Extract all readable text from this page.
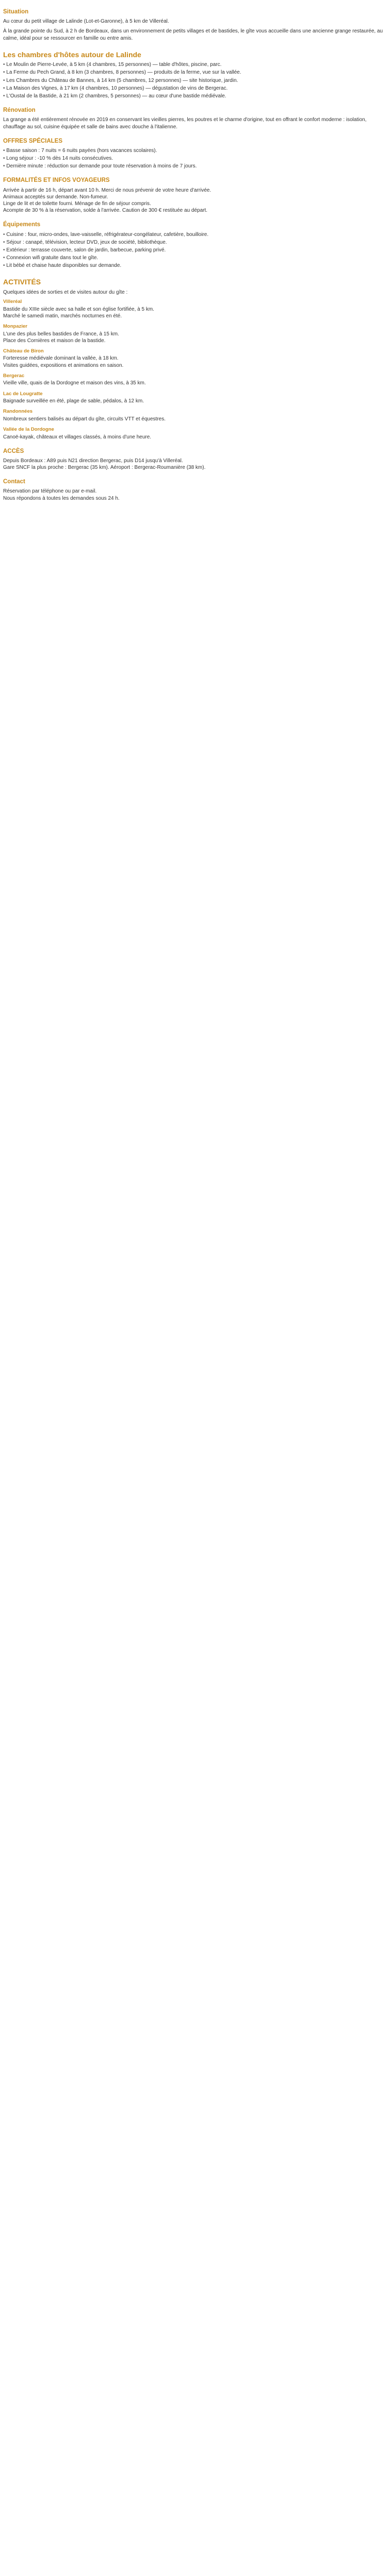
Situation

Au cœur du petit village de Lalinde (Lot-et-Garonne), à 5 km de Villeréal.

À la grande pointe du Sud, à 2 h de Bordeaux, dans un environnement de petits villages et de bastides, le gîte vous accueille dans une ancienne grange restaurée, au calme, idéal pour se ressourcer en famille ou entre amis.

Les chambres d'hôtes autour de Lalinde
• Le Moulin de Pierre-Levée, à 5 km (4 chambres, 15 personnes) — table d'hôtes, piscine, parc.
• La Ferme du Pech Grand, à 8 km (3 chambres, 8 personnes) — produits de la ferme, vue sur la vallée.
• Les Chambres du Château de Bannes, à 14 km (5 chambres, 12 personnes) — site historique, jardin.
• La Maison des Vignes, à 17 km (4 chambres, 10 personnes) — dégustation de vins de Bergerac.
• L'Oustal de la Bastide, à 21 km (2 chambres, 5 personnes) — au cœur d'une bastide médiévale.
Rénovation

La grange a été entièrement rénovée en 2019 en conservant les vieilles pierres, les poutres et le charme d'origine, tout en offrant le confort moderne : isolation, chauffage au sol, cuisine équipée et salle de bains avec douche à l'italienne.

OFFRES SPÉCIALES
• Basse saison : 7 nuits = 6 nuits payées (hors vacances scolaires).
• Long séjour : -10 % dès 14 nuits consécutives.
• Dernière minute : réduction sur demande pour toute réservation à moins de 7 jours.
FORMALITÉS ET INFOS VOYAGEURS

Arrivée à partir de 16 h, départ avant 10 h. Merci de nous prévenir de votre heure d'arrivée.

Animaux acceptés sur demande. Non-fumeur.

Linge de lit et de toilette fourni. Ménage de fin de séjour compris.

Acompte de 30 % à la réservation, solde à l'arrivée. Caution de 300 € restituée au départ.

Équipements
• Cuisine : four, micro-ondes, lave-vaisselle, réfrigérateur-congélateur, cafetière, bouilloire.
• Séjour : canapé, télévision, lecteur DVD, jeux de société, bibliothèque.
• Extérieur : terrasse couverte, salon de jardin, barbecue, parking privé.
• Connexion wifi gratuite dans tout le gîte.
• Lit bébé et chaise haute disponibles sur demande.
ACTIVITÉS

Quelques idées de sorties et de visites autour du gîte :

Villeréal

Bastide du XIIIe siècle avec sa halle et son église fortifiée, à 5 km.

Marché le samedi matin, marchés nocturnes en été.

Monpazier

L'une des plus belles bastides de France, à 15 km.

Place des Cornières et maison de la bastide.

Château de Biron

Forteresse médiévale dominant la vallée, à 18 km.

Visites guidées, expositions et animations en saison.

Bergerac

Vieille ville, quais de la Dordogne et maison des vins, à 35 km.

Lac de Lougratte

Baignade surveillée en été, plage de sable, pédalos, à 12 km.

Randonnées

Nombreux sentiers balisés au départ du gîte, circuits VTT et équestres.

Vallée de la Dordogne

Canoë-kayak, châteaux et villages classés, à moins d'une heure.

ACCÈS

Depuis Bordeaux : A89 puis N21 direction Bergerac, puis D14 jusqu'à Villeréal.

Gare SNCF la plus proche : Bergerac (35 km). Aéroport : Bergerac-Roumanière (38 km).

Contact

Réservation par téléphone ou par e-mail.

Nous répondons à toutes les demandes sous 24 h.
